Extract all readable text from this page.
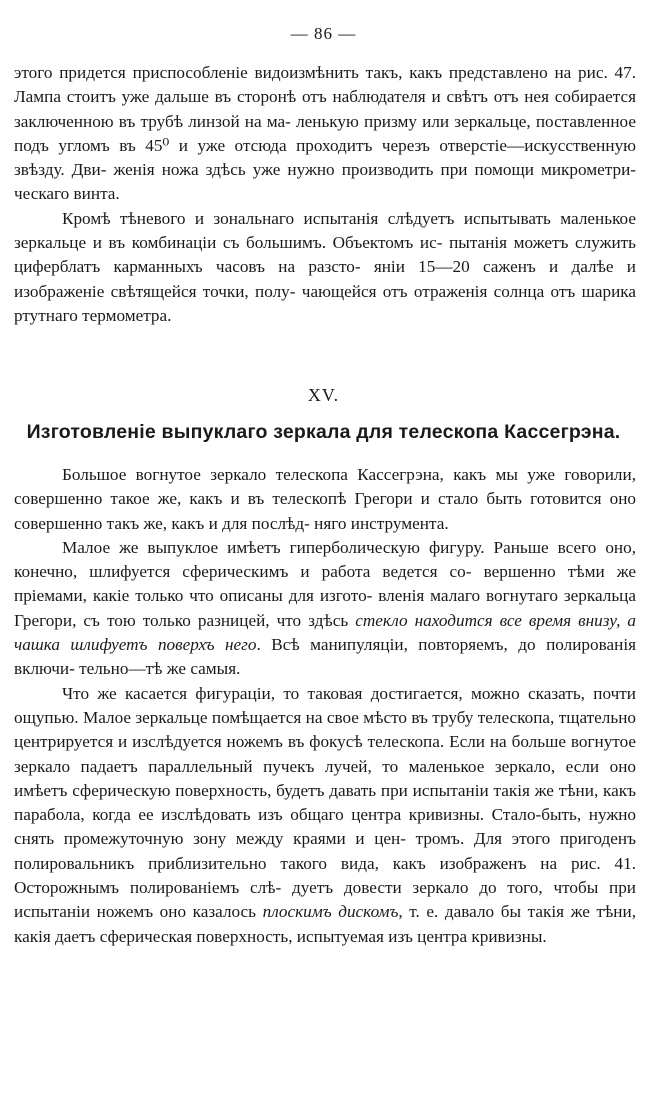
— 86 —

этого придется приспособленіе видоизмѣнить такъ, какъ представлено на рис. 47. Лампа стоитъ уже дальше въ сторонѣ отъ наблюдателя и свѣтъ отъ нея собирается заключенною въ трубѣ линзой на ма- ленькую призму или зеркальце, поставленное подъ угломъ въ 45⁰ и уже отсюда проходитъ черезъ отверстіе—искусственную звѣзду. Дви- женія ножа здѣсь уже нужно производить при помощи микрометри- ческаго винта.

Кромѣ тѣневого и зональнаго испытанія слѣдуетъ испытывать маленькое зеркальце и въ комбинаціи съ большимъ. Объектомъ ис- пытанія можетъ служить циферблатъ карманныхъ часовъ на разсто- яніи 15—20 саженъ и далѣе и изображеніе свѣтящейся точки, полу- чающейся отъ отраженія солнца отъ шарика ртутнаго термометра.

XV.
Изготовленіе выпуклаго зеркала для телескопа Кассегрэна.

Большое вогнутое зеркало телескопа Кассегрэна, какъ мы уже говорили, совершенно такое же, какъ и въ телескопѣ Грегори и стало быть готовится оно совершенно такъ же, какъ и для послѣд- няго инструмента.

Малое же выпуклое имѣетъ гиперболическую фигуру. Раньше всего оно, конечно, шлифуется сферическимъ и работа ведется со- вершенно тѣми же пріемами, какіе только что описаны для изгото- вленія малаго вогнутаго зеркальца Грегори, съ тою только разницей, что здѣсь стекло находится все время внизу, а чашка шлифуетъ поверхъ него. Всѣ манипуляціи, повторяемъ, до полированія включи- тельно—тѣ же самыя.

Что же касается фигураціи, то таковая достигается, можно сказать, почти ощупью. Малое зеркальце помѣщается на свое мѣсто въ трубу телескопа, тщательно центрируется и изслѣдуется ножемъ въ фокусѣ телескопа. Если на больше вогнутое зеркало падаетъ параллельный пучекъ лучей, то маленькое зеркало, если оно имѣетъ сферическую поверхность, будетъ давать при испытаніи такія же тѣни, какъ парабола, когда ее изслѣдовать изъ общаго центра кривизны. Стало-быть, нужно снять промежуточную зону между краями и цен- тромъ. Для этого пригоденъ полировальникъ приблизительно такого вида, какъ изображенъ на рис. 41. Осторожнымъ полированіемъ слѣ- дуетъ довести зеркало до того, чтобы при испытаніи ножемъ оно казалось плоскимъ дискомъ, т. е. давало бы такія же тѣни, какія даетъ сферическая поверхность, испытуемая изъ центра кривизны.
